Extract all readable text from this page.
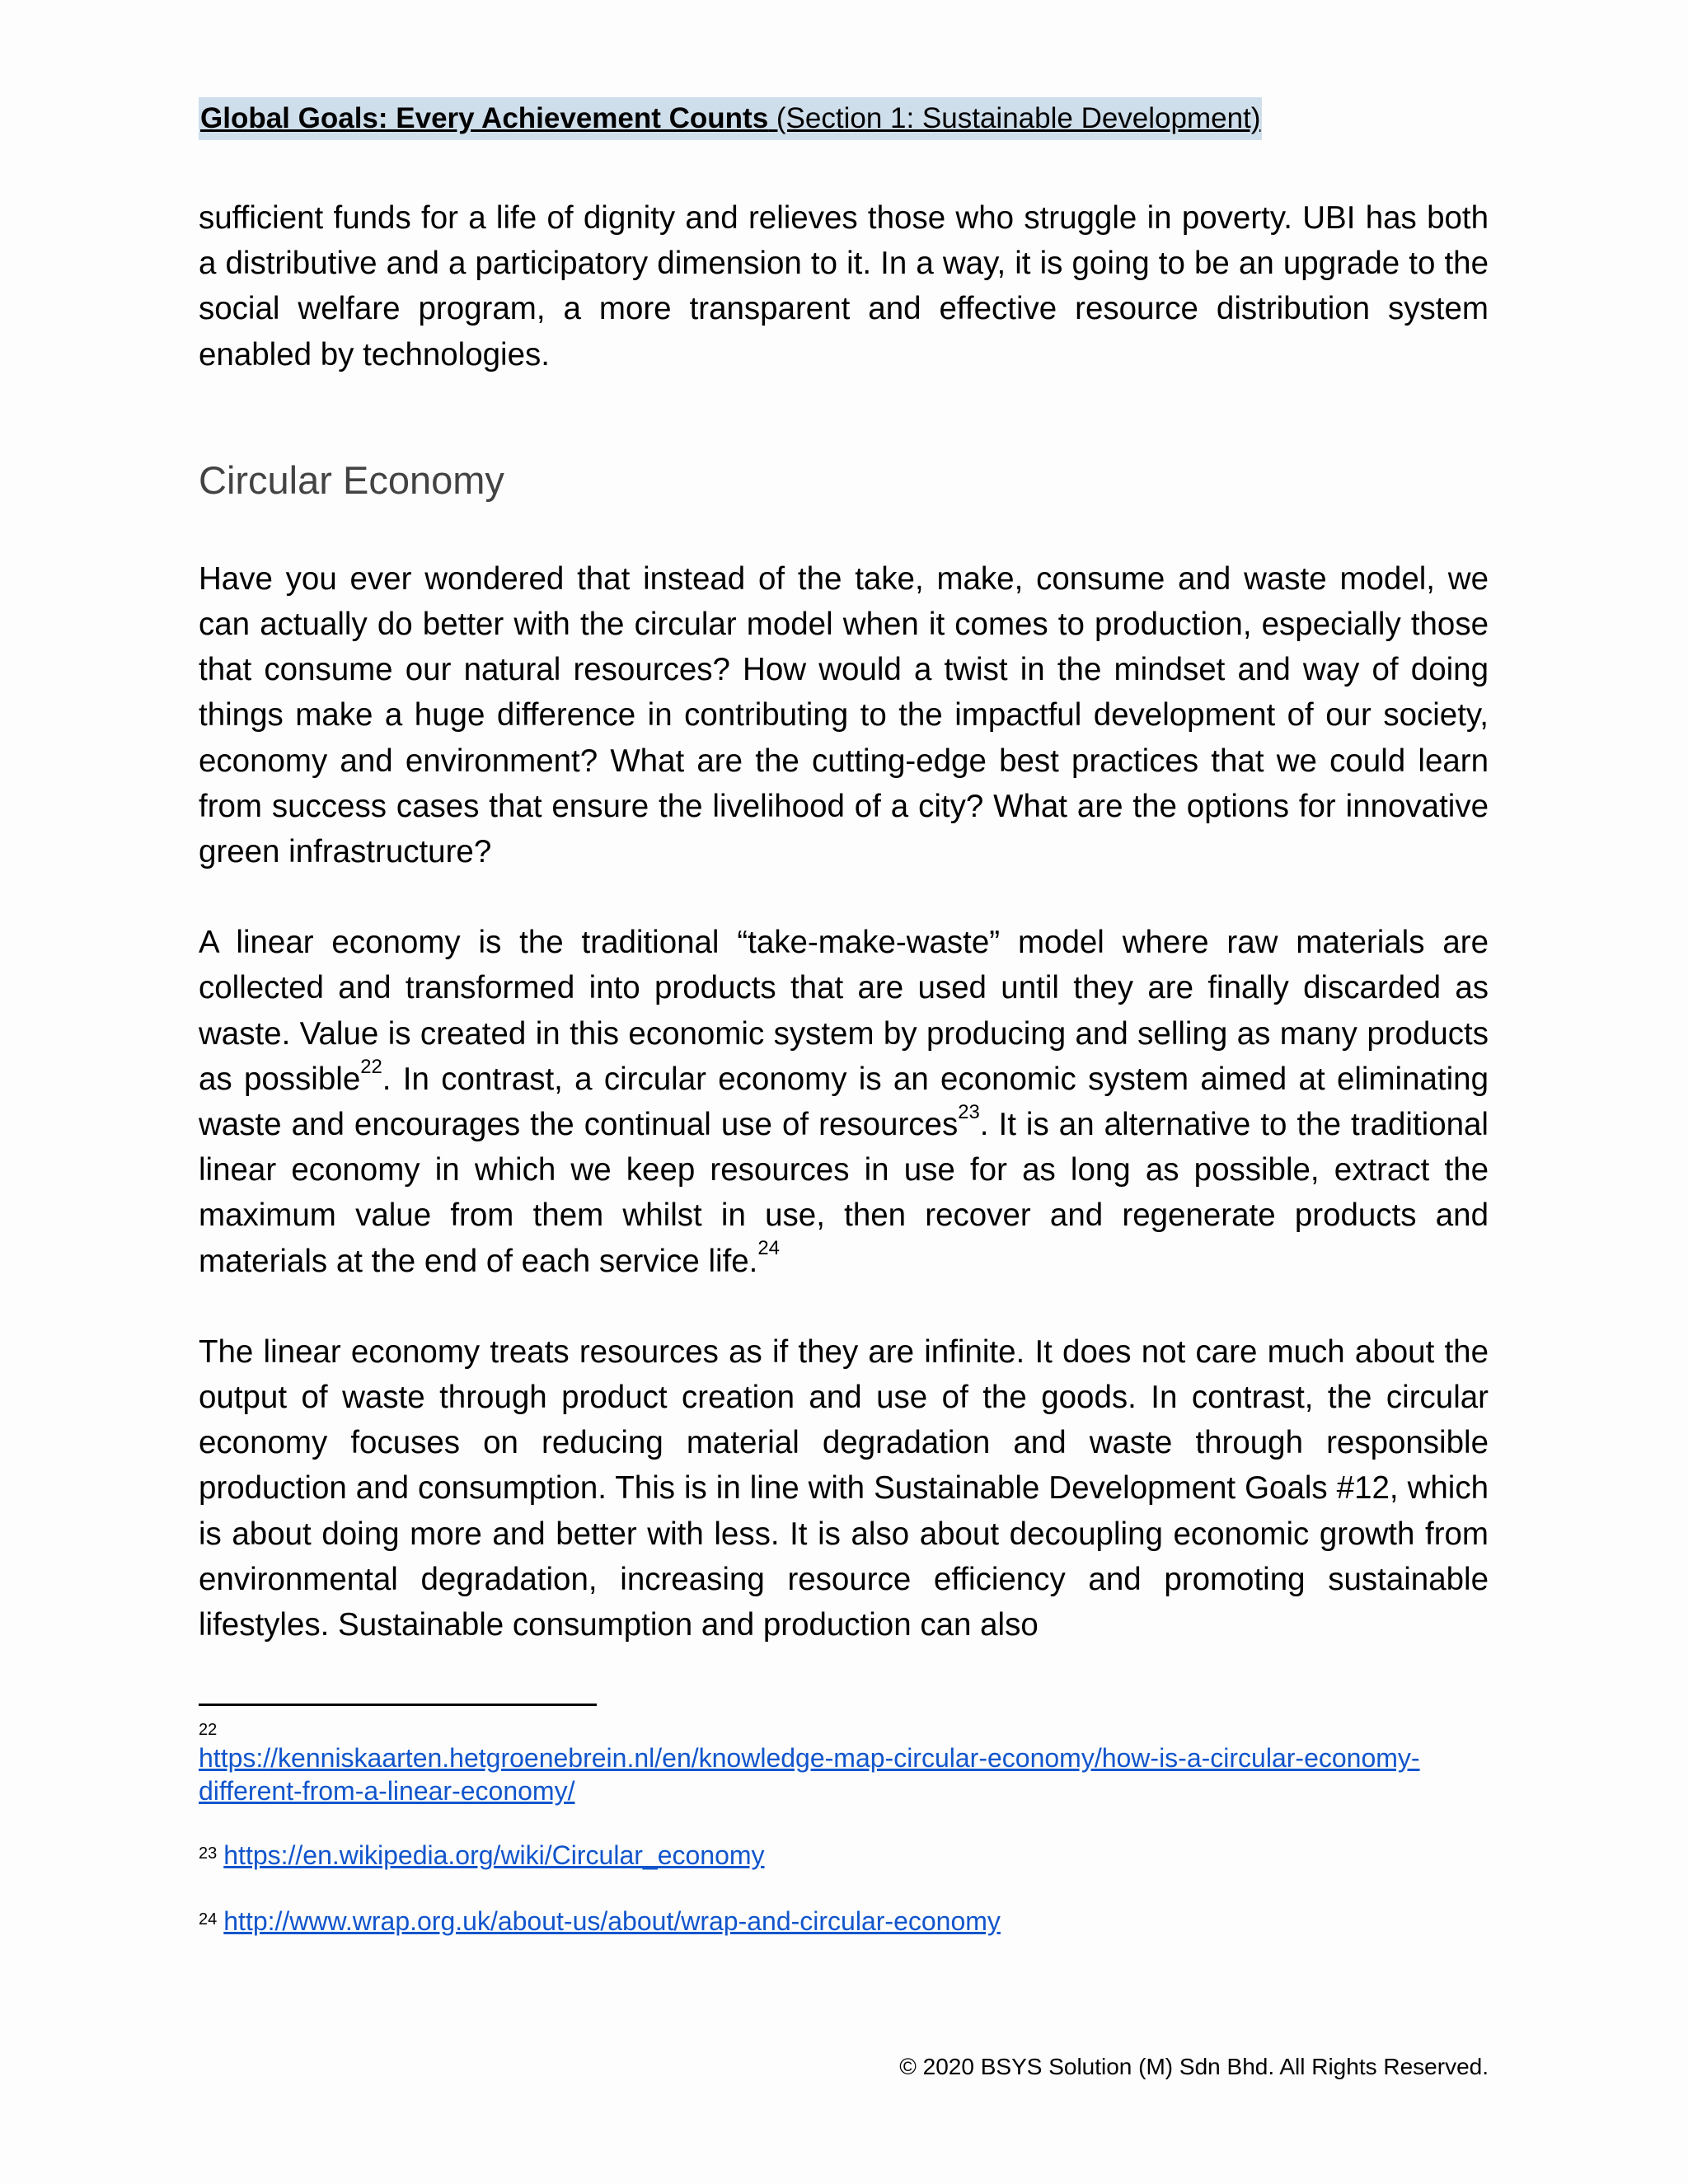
Global Goals: Every Achievement Counts (Section 1: Sustainable Development)

sufficient funds for a life of dignity and relieves those who struggle in poverty. UBI has both a distributive and a participatory dimension to it. In a way, it is going to be an upgrade to the social welfare program, a more transparent and effective resource distribution system enabled by technologies.

Circular Economy

Have you ever wondered that instead of the take, make, consume and waste model, we can actually do better with the circular model when it comes to production, especially those that consume our natural resources? How would a twist in the mindset and way of doing things make a huge difference in contributing to the impactful development of our society, economy and environment? What are the cutting-edge best practices that we could learn from success cases that ensure the livelihood of a city? What are the options for innovative green infrastructure?

A linear economy is the traditional “take-make-waste” model where raw materials are collected and transformed into products that are used until they are finally discarded as waste. Value is created in this economic system by producing and selling as many products as possible$^{22}$. In contrast, a circular economy is an economic system aimed at eliminating waste and encourages the continual use of resources$^{23}$. It is an alternative to the traditional linear economy in which we keep resources in use for as long as possible, extract the maximum value from them whilst in use, then recover and regenerate products and materials at the end of each service life.$^{24}$

The linear economy treats resources as if they are infinite. It does not care much about the output of waste through product creation and use of the goods. In contrast, the circular economy focuses on reducing material degradation and waste through responsible production and consumption. This is in line with Sustainable Development Goals #12, which is about doing more and better with less. It is also about decoupling economic growth from environmental degradation, increasing resource efficiency and promoting sustainable lifestyles. Sustainable consumption and production can also

22
https://kenniskaarten.hetgroenebrein.nl/en/knowledge-map-circular-economy/how-is-a-circular-economy-different-from-a-linear-economy/

$^{23}$ https://en.wikipedia.org/wiki/Circular_economy

$^{24}$ http://www.wrap.org.uk/about-us/about/wrap-and-circular-economy

© 2020 BSYS Solution (M) Sdn Bhd. All Rights Reserved.
